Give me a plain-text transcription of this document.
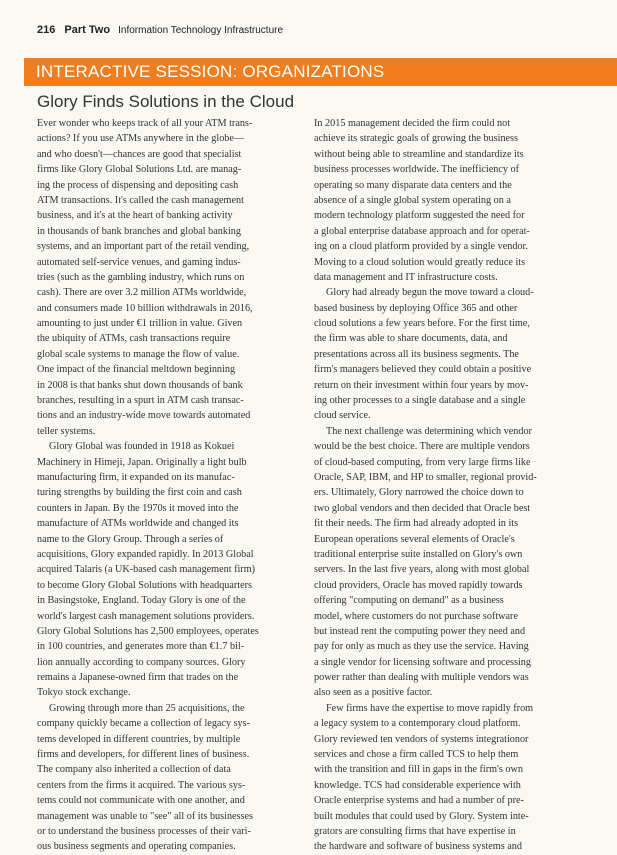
216 Part Two Information Technology Infrastructure
INTERACTIVE SESSION: ORGANIZATIONS
Glory Finds Solutions in the Cloud
Ever wonder who keeps track of all your ATM trans-
actions? If you use ATMs anywhere in the globe—
and who doesn't—chances are good that specialist
firms like Glory Global Solutions Ltd. are manag-
ing the process of dispensing and depositing cash
ATM transactions. It's called the cash management
business, and it's at the heart of banking activity
in thousands of bank branches and global banking
systems, and an important part of the retail vending,
automated self-service venues, and gaming indus-
tries (such as the gambling industry, which runs on
cash). There are over 3.2 million ATMs worldwide,
and consumers made 10 billion withdrawals in 2016,
amounting to just under €1 trillion in value. Given
the ubiquity of ATMs, cash transactions require
global scale systems to manage the flow of value.
One impact of the financial meltdown beginning
in 2008 is that banks shut down thousands of bank
branches, resulting in a spurt in ATM cash transac-
tions and an industry-wide move towards automated
teller systems.
Glory Global was founded in 1918 as Kokuei
Machinery in Himeji, Japan. Originally a light bulb
manufacturing firm, it expanded on its manufac-
turing strengths by building the first coin and cash
counters in Japan. By the 1970s it moved into the
manufacture of ATMs worldwide and changed its
name to the Glory Group. Through a series of
acquisitions, Glory expanded rapidly. In 2013 Global
acquired Talaris (a UK-based cash management firm)
to become Glory Global Solutions with headquarters
in Basingstoke, England. Today Glory is one of the
world's largest cash management solutions providers.
Glory Global Solutions has 2,500 employees, operates
in 100 countries, and generates more than €1.7 bil-
lion annually according to company sources. Glory
remains a Japanese-owned firm that trades on the
Tokyo stock exchange.
Growing through more than 25 acquisitions, the
company quickly became a collection of legacy sys-
tems developed in different countries, by multiple
firms and developers, for different lines of business.
The company also inherited a collection of data
centers from the firms it acquired. The various sys-
tems could not communicate with one another, and
management was unable to "see" all of its businesses
or to understand the business processes of their vari-
ous business segments and operating companies.
In 2015 management decided the firm could not
achieve its strategic goals of growing the business
without being able to streamline and standardize its
business processes worldwide. The inefficiency of
operating so many disparate data centers and the
absence of a single global system operating on a
modern technology platform suggested the need for
a global enterprise database approach and for operat-
ing on a cloud platform provided by a single vendor.
Moving to a cloud solution would greatly reduce its
data management and IT infrastructure costs.
Glory had already begun the move toward a cloud-
based business by deploying Office 365 and other
cloud solutions a few years before. For the first time,
the firm was able to share documents, data, and
presentations across all its business segments. The
firm's managers believed they could obtain a positive
return on their investment within four years by mov-
ing other processes to a single database and a single
cloud service.
The next challenge was determining which vendor
would be the best choice. There are multiple vendors
of cloud-based computing, from very large firms like
Oracle, SAP, IBM, and HP to smaller, regional provid-
ers. Ultimately, Glory narrowed the choice down to
two global vendors and then decided that Oracle best
fit their needs. The firm had already adopted in its
European operations several elements of Oracle's
traditional enterprise suite installed on Glory's own
servers. In the last five years, along with most global
cloud providers, Oracle has moved rapidly towards
offering "computing on demand" as a business
model, where customers do not purchase software
but instead rent the computing power they need and
pay for only as much as they use the service. Having
a single vendor for licensing software and processing
power rather than dealing with multiple vendors was
also seen as a positive factor.
Few firms have the expertise to move rapidly from
a legacy system to a contemporary cloud platform.
Glory reviewed ten vendors of systems integrationor
services and chose a firm called TCS to help them
with the transition and fill in gaps in the firm's own
knowledge. TCS had considerable experience with
Oracle enterprise systems and had a number of pre-
built modules that could used by Glory. System inte-
grators are consulting firms that have expertise in
the hardware and software of business systems and
